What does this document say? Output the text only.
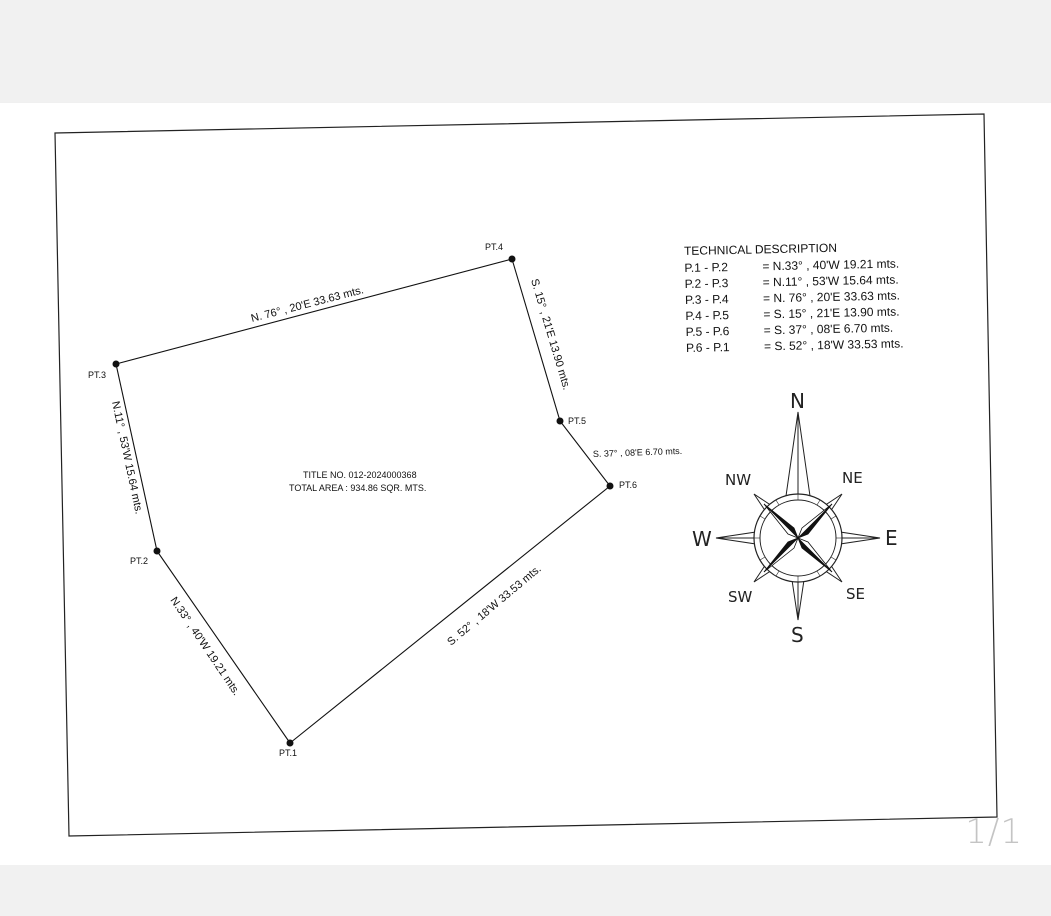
PT.1
PT.2
PT.3
PT.4
PT.5
PT.6
N.33° , 40'W 19.21 mts.
N.11° , 53'W 15.64 mts.
N. 76° , 20'E 33.63 mts.	S. 15° , 21'E 13.90 mts.
S. 37° , 08'E 6.70 mts.
S. 52° , 18'W 33.53 mts.
TITLE NO. 012-2024000368
TOTAL AREA : 934.86 SQR. MTS.
TECHNICAL DESCRIPTION
P.1 - P.2	= N.33° , 40'W 19.21 mts.
P.2 - P.3	= N.11° , 53'W 15.64 mts.
P.3 - P.4	= N. 76° , 20'E 33.63 mts.
P.4 - P.5	= S. 15° , 21'E 13.90 mts.
P.5 - P.6	= S. 37° , 08'E 6.70 mts.
P.6 - P.1	= S. 52° , 18'W 33.53 mts.
N
S
E
W
NW	NE
SW	SE
1/1
